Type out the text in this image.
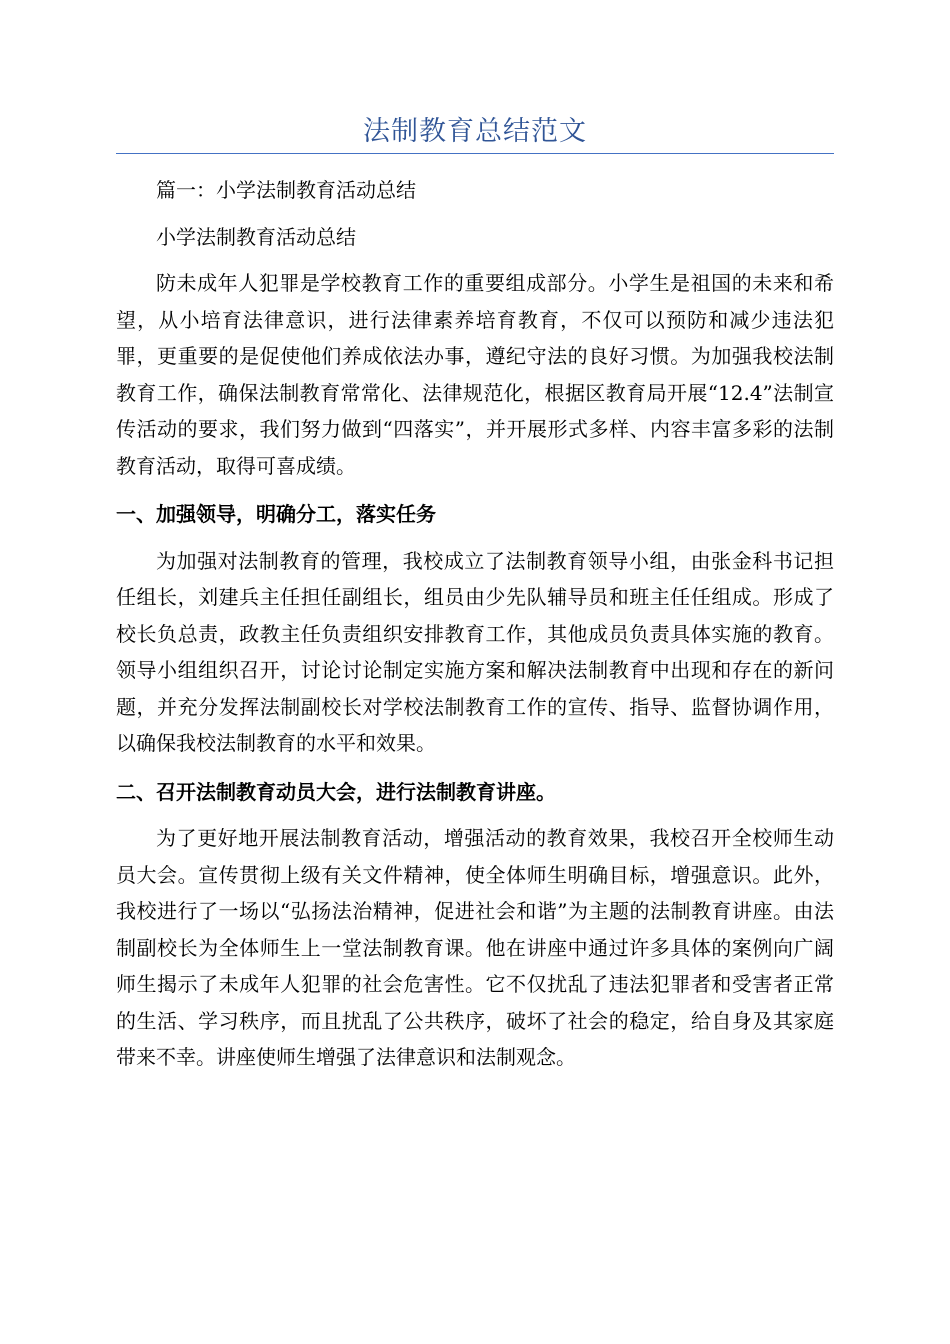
法制教育总结范文

篇一：小学法制教育活动总结

小学法制教育活动总结

防未成年人犯罪是学校教育工作的重要组成部分。小学生是祖国的未来和希望，从小培育法律意识，进行法律素养培育教育，不仅可以预防和减少违法犯罪，更重要的是促使他们养成依法办事，遵纪守法的良好习惯。为加强我校法制教育工作，确保法制教育常常化、法律规范化，根据区教育局开展“12.4”法制宣传活动的要求，我们努力做到“四落实”，并开展形式多样、内容丰富多彩的法制教育活动，取得可喜成绩。

一、加强领导，明确分工，落实任务

为加强对法制教育的管理，我校成立了法制教育领导小组，由张金科书记担任组长，刘建兵主任担任副组长，组员由少先队辅导员和班主任任组成。形成了校长负总责，政教主任负责组织安排教育工作，其他成员负责具体实施的教育。领导小组组织召开，讨论讨论制定实施方案和解决法制教育中出现和存在的新问题，并充分发挥法制副校长对学校法制教育工作的宣传、指导、监督协调作用，以确保我校法制教育的水平和效果。

二、召开法制教育动员大会，进行法制教育讲座。

为了更好地开展法制教育活动，增强活动的教育效果，我校召开全校师生动员大会。宣传贯彻上级有关文件精神，使全体师生明确目标，增强意识。此外，我校进行了一场以“弘扬法治精神，促进社会和谐”为主题的法制教育讲座。由法制副校长为全体师生上一堂法制教育课。他在讲座中通过许多具体的案例向广阔师生揭示了未成年人犯罪的社会危害性。它不仅扰乱了违法犯罪者和受害者正常的生活、学习秩序，而且扰乱了公共秩序，破坏了社会的稳定，给自身及其家庭带来不幸。讲座使师生增强了法律意识和法制观念。
